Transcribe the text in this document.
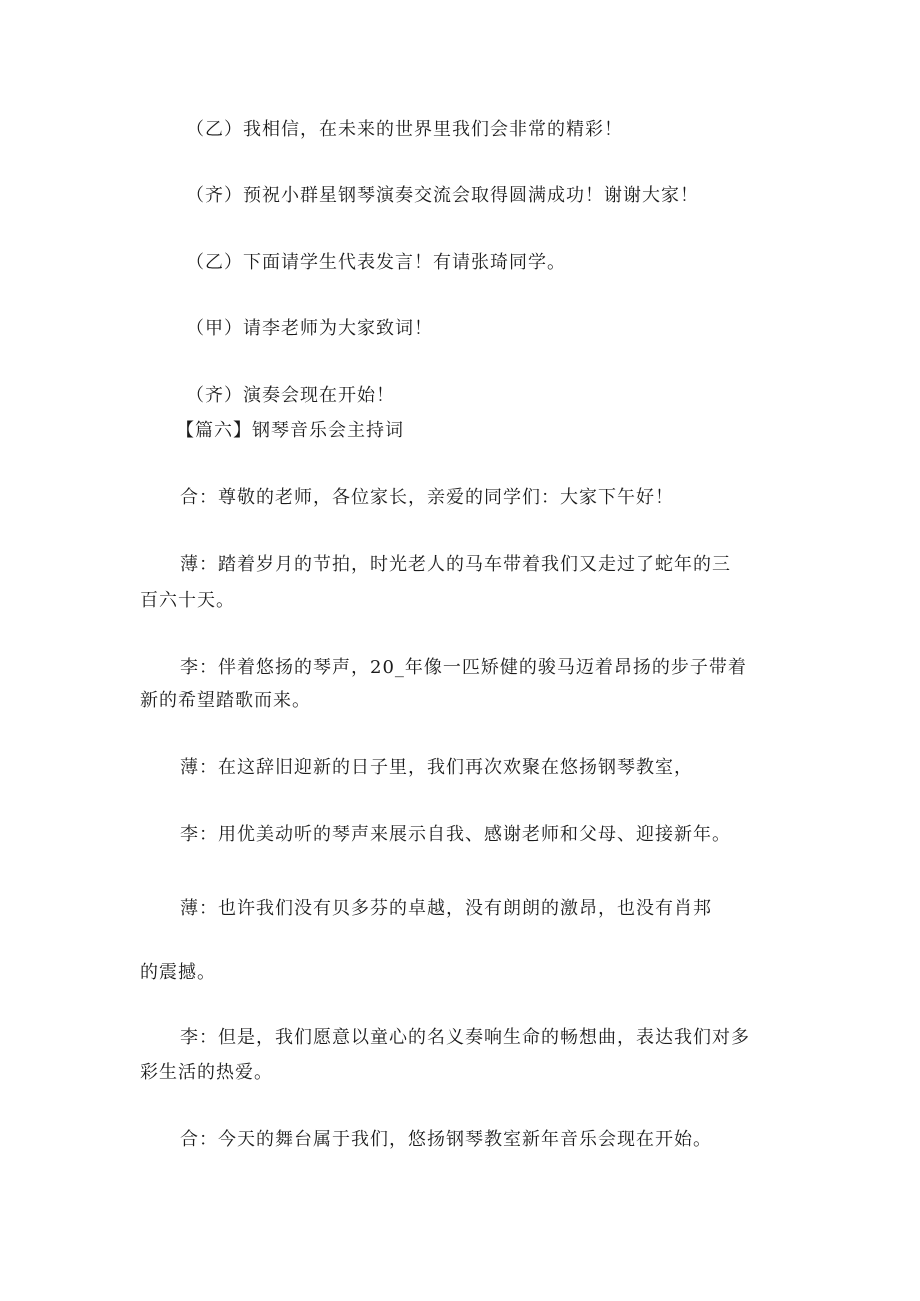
（乙）我相信，在未来的世界里我们会非常的精彩！
（齐）预祝小群星钢琴演奏交流会取得圆满成功！谢谢大家！
（乙）下面请学生代表发言！有请张琦同学。
（甲）请李老师为大家致词！
（齐）演奏会现在开始！
【篇六】钢琴音乐会主持词
合：尊敬的老师，各位家长，亲爱的同学们：大家下午好！
薄：踏着岁月的节拍，时光老人的马车带着我们又走过了蛇年的三
百六十天。
李：伴着悠扬的琴声，20_年像一匹矫健的骏马迈着昂扬的步子带着
新的希望踏歌而来。
薄：在这辞旧迎新的日子里，我们再次欢聚在悠扬钢琴教室，
李：用优美动听的琴声来展示自我、感谢老师和父母、迎接新年。
薄：也许我们没有贝多芬的卓越，没有朗朗的激昂，也没有肖邦
的震撼。
李：但是，我们愿意以童心的名义奏响生命的畅想曲，表达我们对多
彩生活的热爱。
合：今天的舞台属于我们，悠扬钢琴教室新年音乐会现在开始。
